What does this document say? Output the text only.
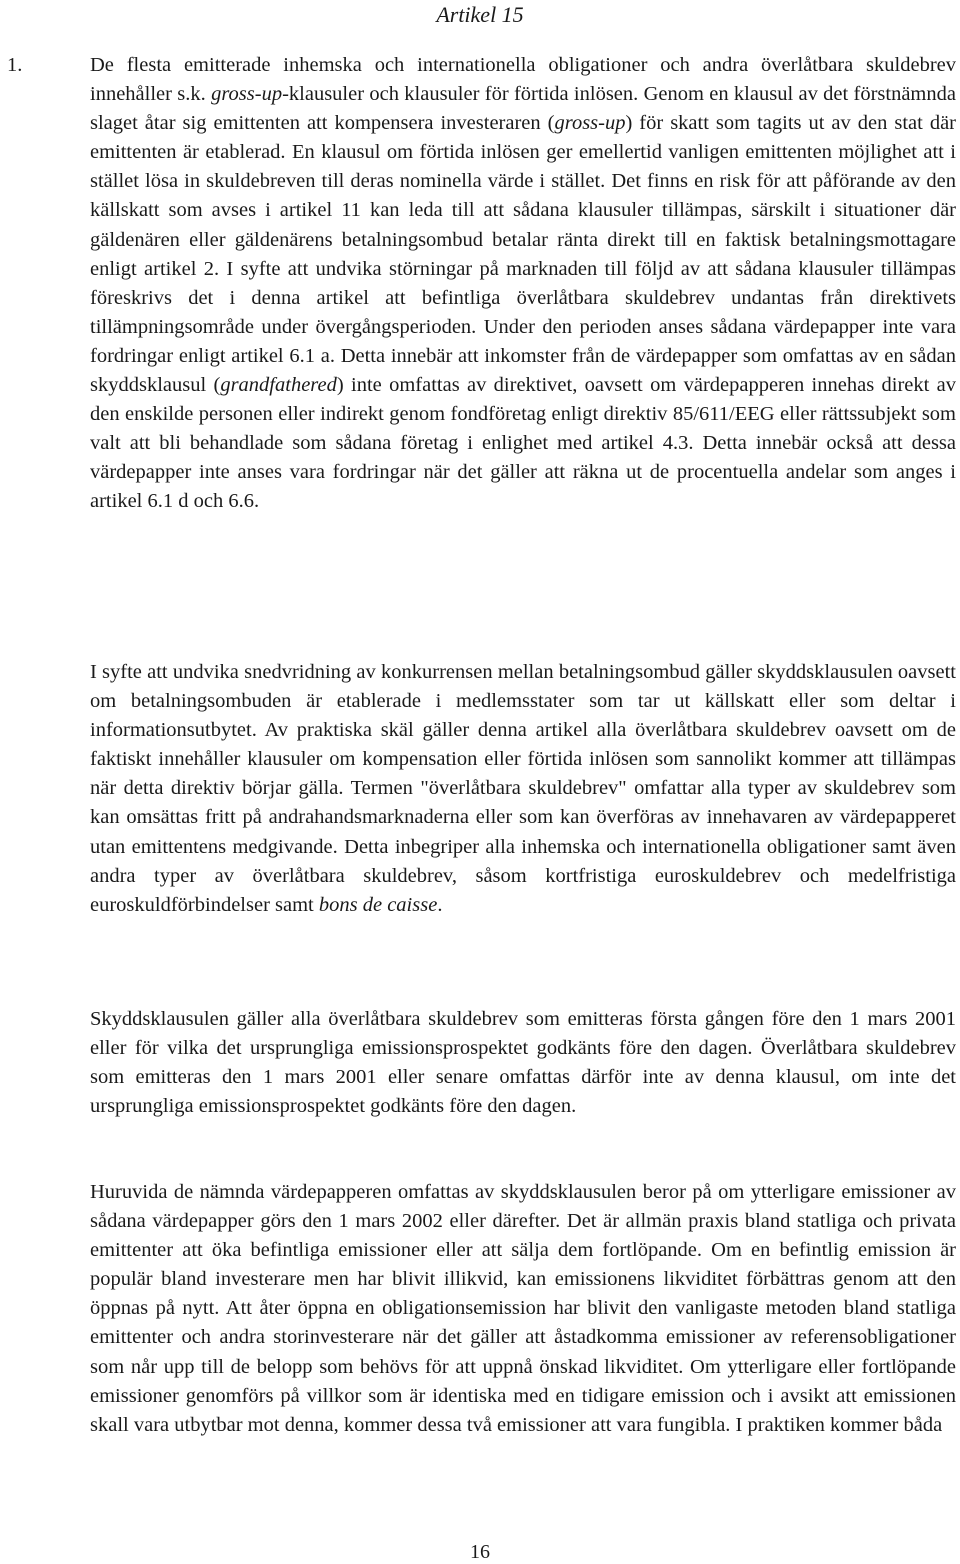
Artikel 15
1.	De flesta emitterade inhemska och internationella obligationer och andra överlåtbara skuldebrev innehåller s.k. gross-up-klausuler och klausuler för förtida inlösen. Genom en klausul av det förstnämnda slaget åtar sig emittenten att kompensera investeraren (gross-up) för skatt som tagits ut av den stat där emittenten är etablerad. En klausul om förtida inlösen ger emellertid vanligen emittenten möjlighet att i stället lösa in skuldebreven till deras nominella värde i stället. Det finns en risk för att påförande av den källskatt som avses i artikel 11 kan leda till att sådana klausuler tillämpas, särskilt i situationer där gäldenären eller gäldenärens betalningsombud betalar ränta direkt till en faktisk betalningsmottagare enligt artikel 2. I syfte att undvika störningar på marknaden till följd av att sådana klausuler tillämpas föreskrivs det i denna artikel att befintliga överlåtbara skuldebrev undantas från direktivets tillämpningsområde under övergångsperioden. Under den perioden anses sådana värdepapper inte vara fordringar enligt artikel 6.1 a. Detta innebär att inkomster från de värdepapper som omfattas av en sådan skyddsklausul (grandfathered) inte omfattas av direktivet, oavsett om värdepapperen innehas direkt av den enskilde personen eller indirekt genom fondföretag enligt direktiv 85/611/EEG eller rättssubjekt som valt att bli behandlade som sådana företag i enlighet med artikel 4.3. Detta innebär också att dessa värdepapper inte anses vara fordringar när det gäller att räkna ut de procentuella andelar som anges i artikel 6.1 d och 6.6.

I syfte att undvika snedvridning av konkurrensen mellan betalningsombud gäller skyddsklausulen oavsett om betalningsombuden är etablerade i medlemsstater som tar ut källskatt eller som deltar i informationsutbytet. Av praktiska skäl gäller denna artikel alla överlåtbara skuldebrev oavsett om de faktiskt innehåller klausuler om kompensation eller förtida inlösen som sannolikt kommer att tillämpas när detta direktiv börjar gälla. Termen "överlåtbara skuldebrev" omfattar alla typer av skuldebrev som kan omsättas fritt på andrahandsmarknaderna eller som kan överföras av innehavaren av värdepapperet utan emittentens medgivande. Detta inbegriper alla inhemska och internationella obligationer samt även andra typer av överlåtbara skuldebrev, såsom kortfristiga euroskuldebrev och medelfristiga euroskuldförbindelser samt bons de caisse.

Skyddsklausulen gäller alla överlåtbara skuldebrev som emitteras första gången före den 1 mars 2001 eller för vilka det ursprungliga emissionsprospektet godkänts före den dagen. Överlåtbara skuldebrev som emitteras den 1 mars 2001 eller senare omfattas därför inte av denna klausul, om inte det ursprungliga emissionsprospektet godkänts före den dagen.

Huruvida de nämnda värdepapperen omfattas av skyddsklausulen beror på om ytterligare emissioner av sådana värdepapper görs den 1 mars 2002 eller därefter. Det är allmän praxis bland statliga och privata emittenter att öka befintliga emissioner eller att sälja dem fortlöpande. Om en befintlig emission är populär bland investerare men har blivit illikvid, kan emissionens likviditet förbättras genom att den öppnas på nytt. Att åter öppna en obligationsemission har blivit den vanligaste metoden bland statliga emittenter och andra storinvesterare när det gäller att åstadkomma emissioner av referensobligationer som når upp till de belopp som behövs för att uppnå önskad likviditet. Om ytterligare eller fortlöpande emissioner genomförs på villkor som är identiska med en tidigare emission och i avsikt att emissionen skall vara utbytbar mot denna, kommer dessa två emissioner att vara fungibla. I praktiken kommer båda

16
